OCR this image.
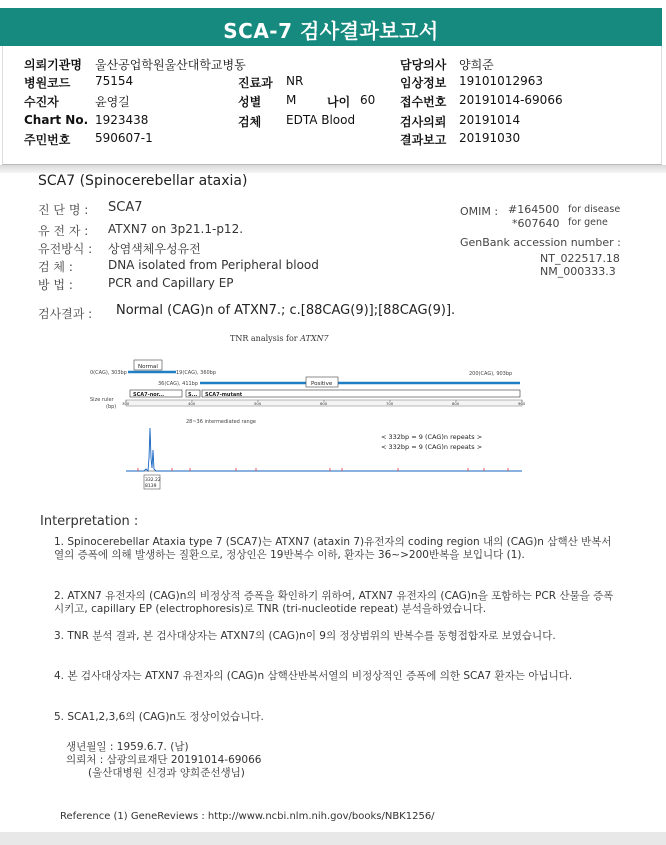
SCA-7 검사결과보고서
의뢰기관명 울산공업학원울산대학교병동
병원코드 75154
수진자	윤영길
Chart No. 1923438
주민번호 590607-1
진료과 NR
성별 M	나이 60
검체 EDTA Blood
담당의사 양희준
임상정보 19101012963
접수번호 20191014-69066
검사의뢰 20191014
결과보고 20191030
SCA7 (Spinocerebellar ataxia)
진 단 명 : SCA7
유 전 자 : ATXN7 on 3p21.1-p12.
유전방식 : 상염색체우성유전
검 체 :	DNA isolated from Peripheral blood
방 법 :	PCR and Capillary EP
OMIM : #164500 for disease
*607640 for gene
GenBank accession number :
NT_022517.18
NM_000333.3
검사결과 : Normal (CAG)n of ATXN7.; c.[88CAG(9)];[88CAG(9)].
TNR analysis for ATXN7
Normal
0(CAG), 303bp	19(CAG), 360bp
36(CAG), 411bp	Positive
200(CAG), 903bp
SCA7-nor...	S... SCA7-mutant
Size ruler
(bp)
300	400	500	600	700	800	900
28~36 intermediated range
332.22
8139
< 332bp = 9 (CAG)n repeats >
< 332bp = 9 (CAG)n repeats >
Interpretation :
1. Spinocerebellar Ataxia type 7 (SCA7)는 ATXN7 (ataxin 7)유전자의 coding region 내의 (CAG)n 삼핵산 반복서열의 증폭에 의해 발생하는 질환으로, 정상인은 19반복수 이하, 환자는 36~>200반복을 보입니다 (1).
2. ATXN7 유전자의 (CAG)n의 비정상적 증폭을 확인하기 위하여, ATXN7 유전자의 (CAG)n을 포함하는 PCR 산물을 증폭시키고, capillary EP (electrophoresis)로 TNR (tri-nucleotide repeat) 분석을하였습니다.
3. TNR 분석 결과, 본 검사대상자는 ATXN7의 (CAG)n이 9의 정상범위의 반복수를 동형접합자로 보였습니다.
4. 본 검사대상자는 ATXN7 유전자의 (CAG)n 삼핵산반복서열의 비정상적인 증폭에 의한 SCA7 환자는 아닙니다.
5. SCA1,2,3,6의 (CAG)n도 정상이었습니다.
생년월일 : 1959.6.7. (남)
의뢰처 : 삼광의료재단 20191014-69066
(울산대병원 신경과 양희준선생님)
Reference (1) GeneReviews : http://www.ncbi.nlm.nih.gov/books/NBK1256/
